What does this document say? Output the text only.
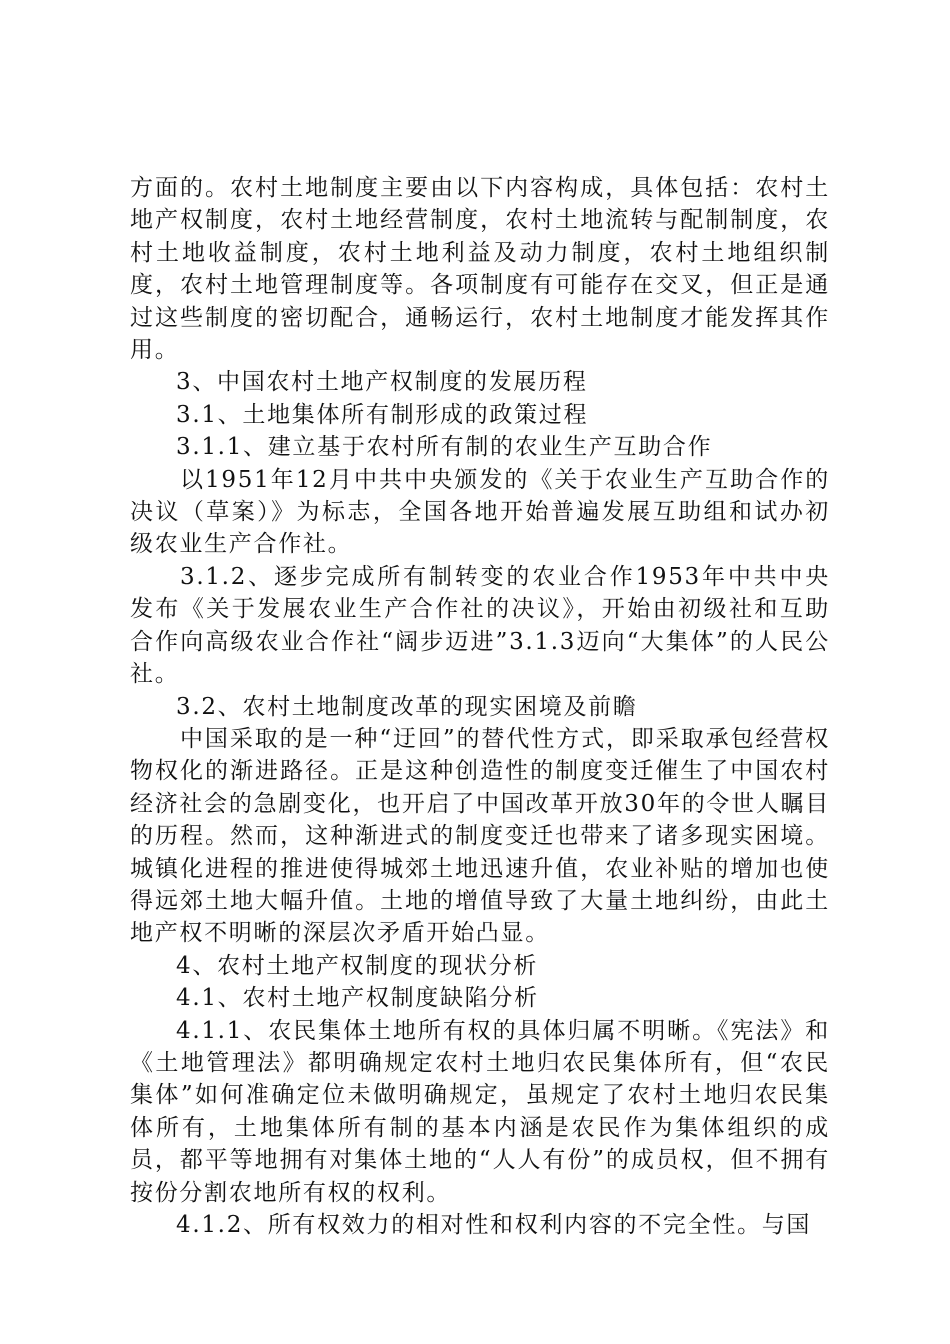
方面的。农村土地制度主要由以下内容构成，具体包括：农村土地产权制度，农村土地经营制度，农村土地流转与配制制度，农村土地收益制度，农村土地利益及动力制度，农村土地组织制度，农村土地管理制度等。各项制度有可能存在交叉，但正是通过这些制度的密切配合，通畅运行，农村土地制度才能发挥其作用。

3、中国农村土地产权制度的发展历程

3.1、土地集体所有制形成的政策过程

3.1.1、建立基于农村所有制的农业生产互助合作

以1951年12月中共中央颁发的《关于农业生产互助合作的决议（草案）》为标志，全国各地开始普遍发展互助组和试办初级农业生产合作社。

3.1.2、逐步完成所有制转变的农业合作1953年中共中央发布《关于发展农业生产合作社的决议》，开始由初级社和互助合作向高级农业合作社“阔步迈进”3.1.3迈向“大集体”的人民公社。

3.2、农村土地制度改革的现实困境及前瞻

中国采取的是一种“迂回”的替代性方式，即采取承包经营权物权化的渐进路径。正是这种创造性的制度变迁催生了中国农村经济社会的急剧变化，也开启了中国改革开放30年的令世人瞩目的历程。然而，这种渐进式的制度变迁也带来了诸多现实困境。城镇化进程的推进使得城郊土地迅速升值，农业补贴的增加也使得远郊土地大幅升值。土地的增值导致了大量土地纠纷，由此土地产权不明晰的深层次矛盾开始凸显。

4、农村土地产权制度的现状分析

4.1、农村土地产权制度缺陷分析

4.1.1、农民集体土地所有权的具体归属不明晰。《宪法》和《土地管理法》都明确规定农村土地归农民集体所有，但“农民集体”如何准确定位未做明确规定，虽规定了农村土地归农民集体所有，土地集体所有制的基本内涵是农民作为集体组织的成员，都平等地拥有对集体土地的“人人有份”的成员权，但不拥有按份分割农地所有权的权利。

4.1.2、所有权效力的相对性和权利内容的不完全性。与国
